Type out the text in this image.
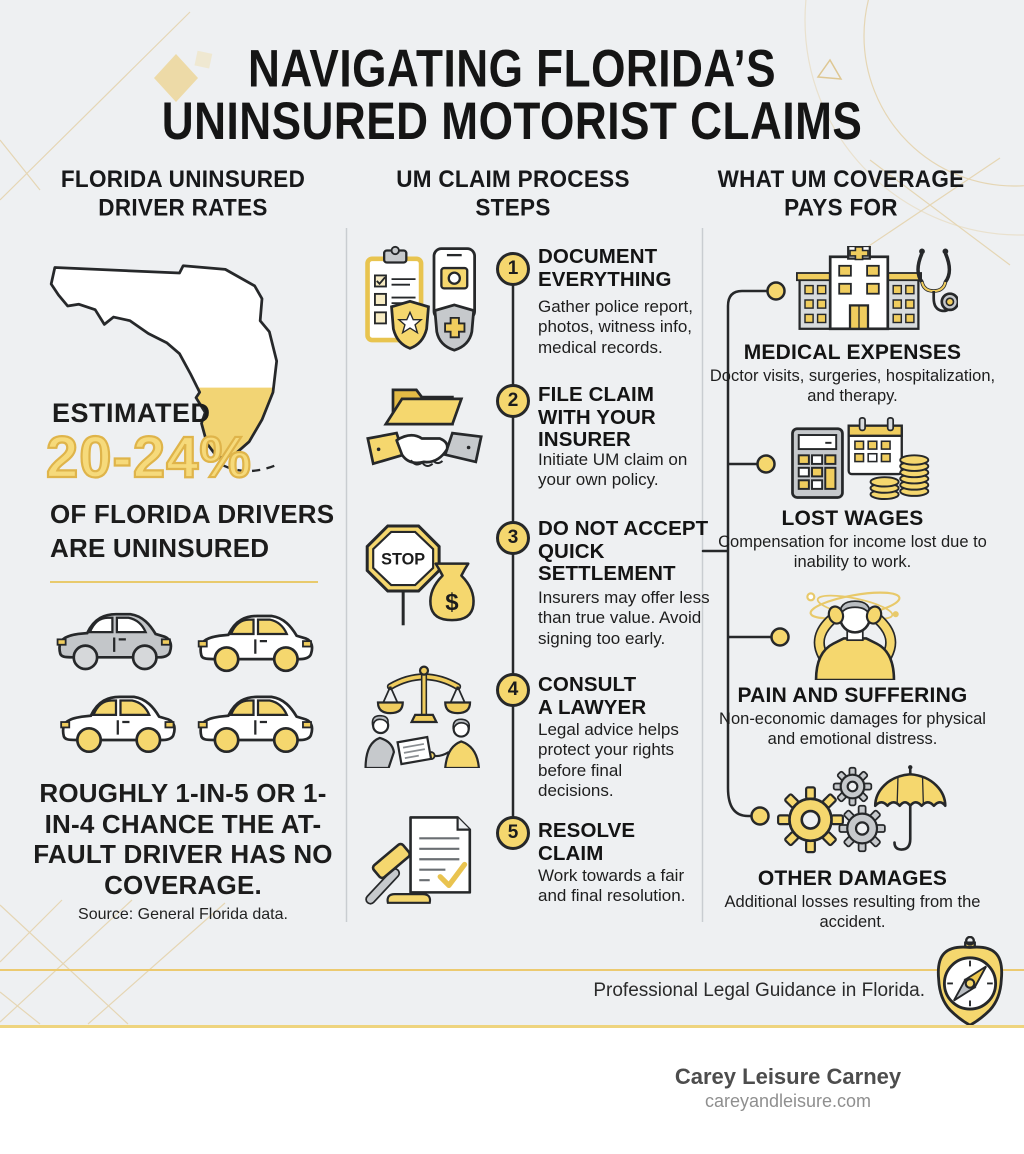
NAVIGATING FLORIDA’S
UNINSURED MOTORIST CLAIMS
FLORIDA UNINSURED DRIVER RATES
ESTIMATED
20-24%
OF FLORIDA DRIVERS ARE UNINSURED
ROUGHLY 1-IN-5 OR 1-IN-4 CHANCE THE AT-FAULT DRIVER HAS NO COVERAGE.
Source: General Florida data.
UM CLAIM PROCESS STEPS
STOP
$
1
2
3
4
5
DOCUMENT EVERYTHING
Gather police report, photos, witness info, medical records.
FILE CLAIM WITH YOUR INSURER
Initiate UM claim on your own policy.
DO NOT ACCEPT QUICK SETTLEMENT
Insurers may offer less than true value. Avoid signing too early.
CONSULT A LAWYER
Legal advice helps protect your rights before final decisions.
RESOLVE CLAIM
Work towards a fair and final resolution.
WHAT UM COVERAGE PAYS FOR
MEDICAL EXPENSES
Doctor visits, surgeries, hospitalization, and therapy.
LOST WAGES
Compensation for income lost due to inability to work.
PAIN AND SUFFERING
Non-economic damages for physical and emotional distress.
OTHER DAMAGES
Additional losses resulting from the accident.
Professional Legal Guidance in Florida.
Carey Leisure Carney
careyandleisure.com
